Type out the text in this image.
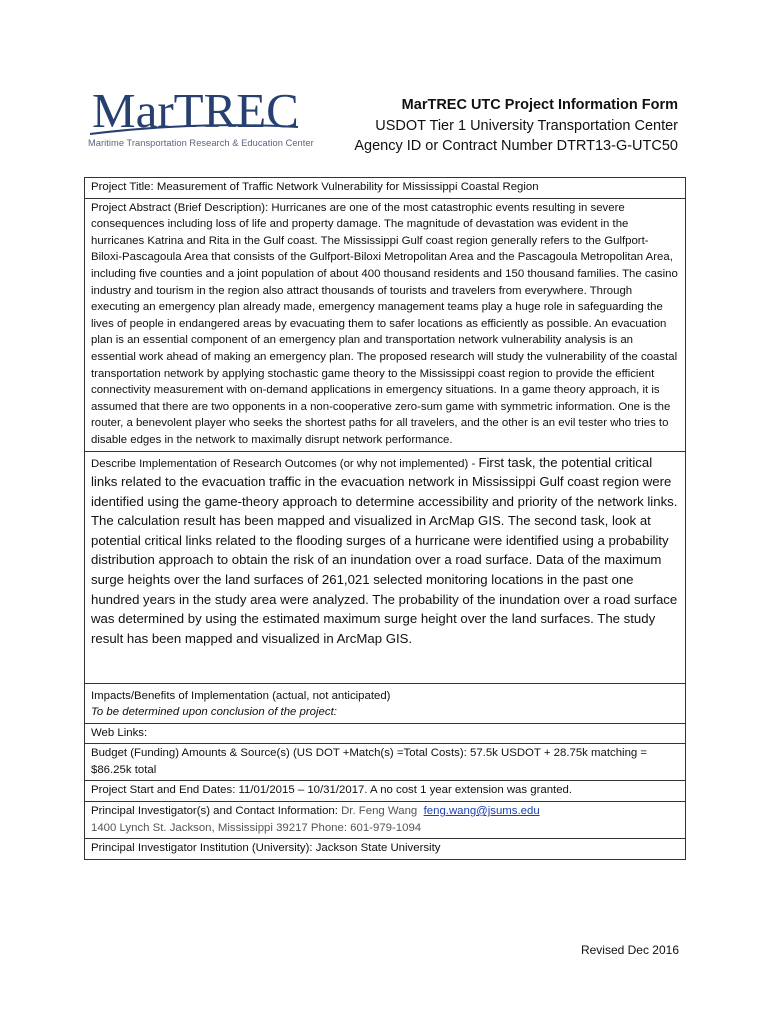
MarTREC
Maritime Transportation Research & Education Center
MarTREC UTC Project Information Form
USDOT Tier 1 University Transportation Center
Agency ID or Contract Number DTRT13-G-UTC50
Project Title: Measurement of Traffic Network Vulnerability for Mississippi Coastal Region
Project Abstract (Brief Description): Hurricanes are one of the most catastrophic events resulting in severe consequences including loss of life and property damage. The magnitude of devastation was evident in the hurricanes Katrina and Rita in the Gulf coast. The Mississippi Gulf coast region generally refers to the Gulfport-Biloxi-Pascagoula Area that consists of the Gulfport-Biloxi Metropolitan Area and the Pascagoula Metropolitan Area, including five counties and a joint population of about 400 thousand residents and 150 thousand families. The casino industry and tourism in the region also attract thousands of tourists and travelers from everywhere. Through executing an emergency plan already made, emergency management teams play a huge role in safeguarding the lives of people in endangered areas by evacuating them to safer locations as efficiently as possible. An evacuation plan is an essential component of an emergency plan and transportation network vulnerability analysis is an essential work ahead of making an emergency plan. The proposed research will study the vulnerability of the coastal transportation network by applying stochastic game theory to the Mississippi coast region to provide the efficient connectivity measurement with on-demand applications in emergency situations. In a game theory approach, it is assumed that there are two opponents in a non-cooperative zero-sum game with symmetric information. One is the router, a benevolent player who seeks the shortest paths for all travelers, and the other is an evil tester who tries to disable edges in the network to maximally disrupt network performance.
Describe Implementation of Research Outcomes (or why not implemented) - First task, the potential critical links related to the evacuation traffic in the evacuation network in Mississippi Gulf coast region were identified using the game-theory approach to determine accessibility and priority of the network links. The calculation result has been mapped and visualized in ArcMap GIS. The second task, look at potential critical links related to the flooding surges of a hurricane were identified using a probability distribution approach to obtain the risk of an inundation over a road surface. Data of the maximum surge heights over the land surfaces of 261,021 selected monitoring locations in the past one hundred years in the study area were analyzed. The probability of the inundation over a road surface was determined by using the estimated maximum surge height over the land surfaces. The study result has been mapped and visualized in ArcMap GIS.

Impacts/Benefits of Implementation (actual, not anticipated)
To be determined upon conclusion of the project:

Web Links:
Budget (Funding) Amounts & Source(s) (US DOT +Match(s) =Total Costs): 57.5k USDOT + 28.75k matching = $86.25k total
Project Start and End Dates: 11/01/2015 – 10/31/2017. A no cost 1 year extension was granted.

Principal Investigator(s) and Contact Information: Dr. Feng Wang feng.wang@jsums.edu
1400 Lynch St. Jackson, Mississippi 39217 Phone: 601-979-1094

Principal Investigator Institution (University): Jackson State University
Revised Dec 2016
